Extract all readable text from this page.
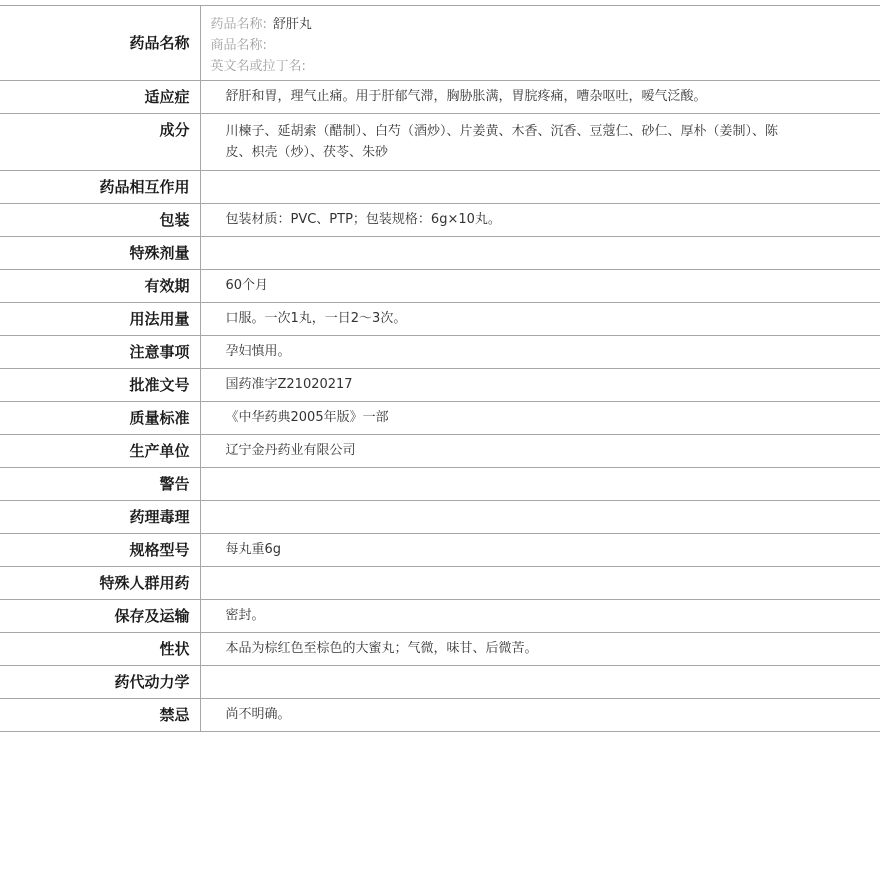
药品名称	药品名称: 舒肝丸
商品名称:
英文名或拉丁名:

适应症	舒肝和胃，理气止痛。用于肝郁气滞，胸胁胀满，胃脘疼痛，嘈杂呕吐，嗳气泛酸。
成分	川楝子、延胡索（醋制）、白芍（酒炒）、片姜黄、木香、沉香、豆蔻仁、砂仁、厚朴（姜制）、陈皮、枳壳（炒）、茯苓、朱砂
药品相互作用	
包装	包装材质：PVC、PTP；包装规格：6g×10丸。
特殊剂量	
有效期	60个月
用法用量	口服。一次1丸，一日2～3次。
注意事项	孕妇慎用。
批准文号	国药准字Z21020217
质量标准	《中华药典2005年版》一部
生产单位	辽宁金丹药业有限公司
警告	
药理毒理	
规格型号	每丸重6g
特殊人群用药	
保存及运输	密封。
性状	本品为棕红色至棕色的大蜜丸；气微，味甘、后微苦。
药代动力学	
禁忌	尚不明确。
